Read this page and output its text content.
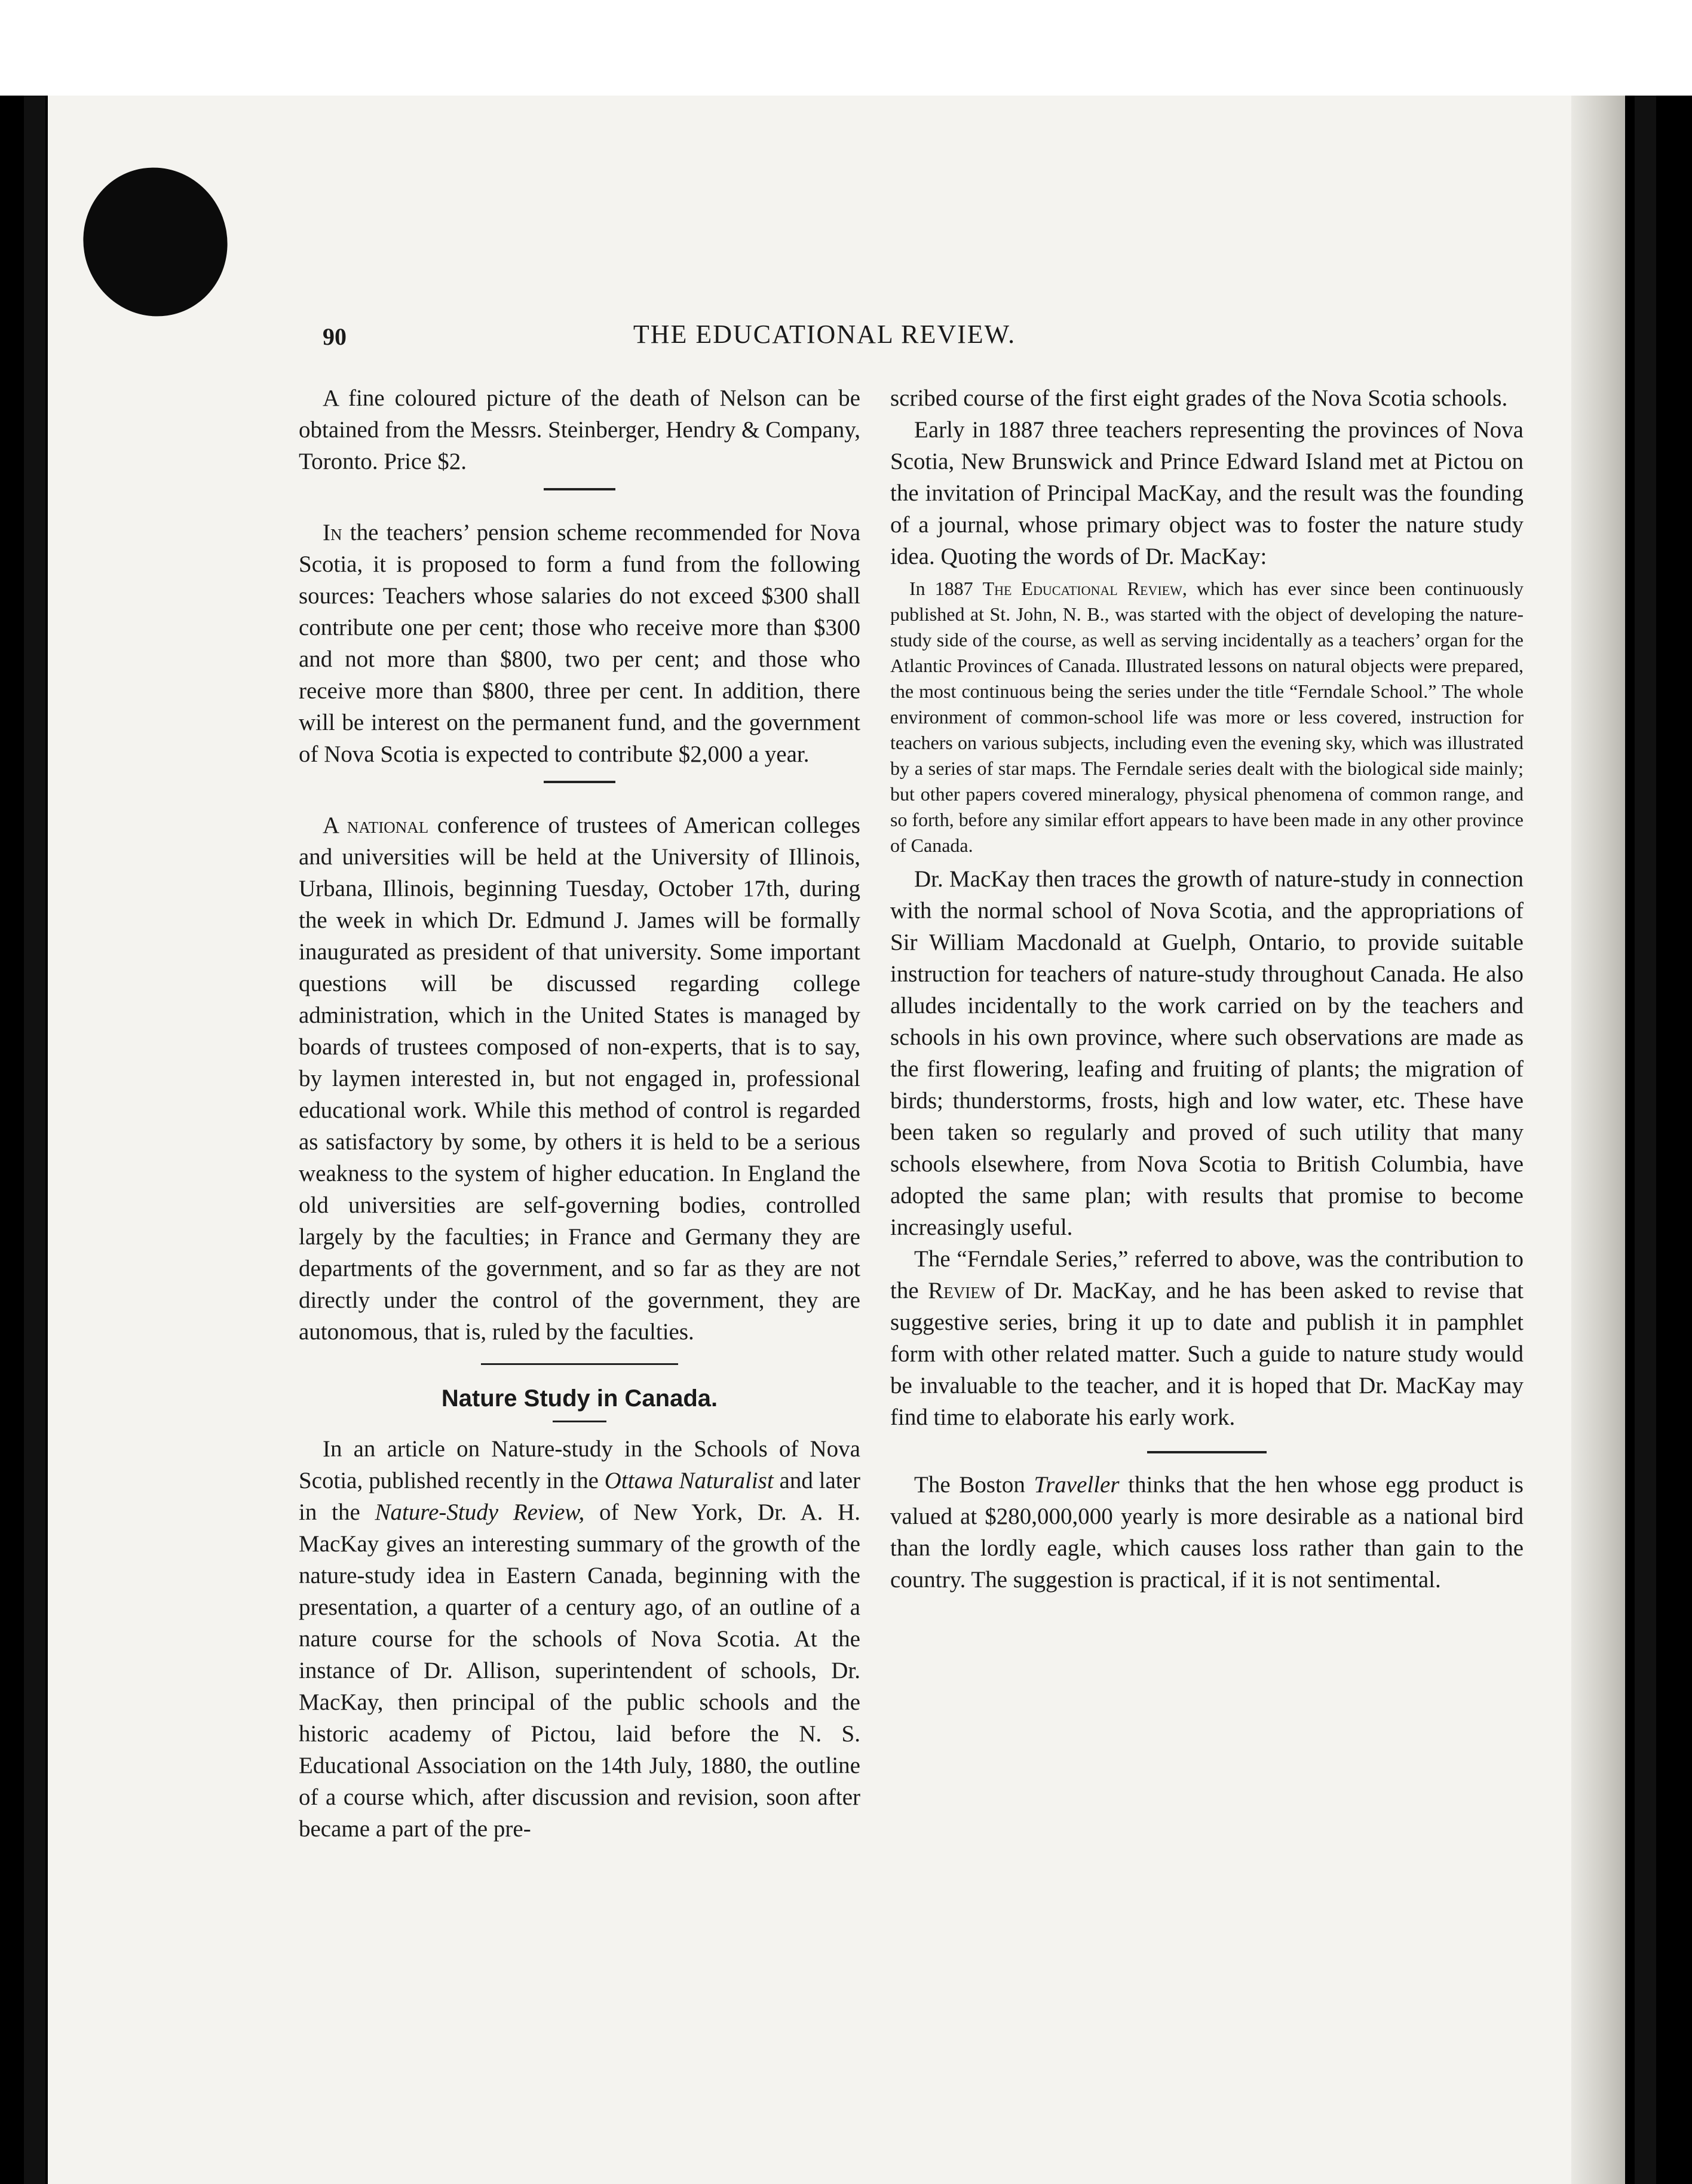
90	THE EDUCATIONAL REVIEW.

A fine coloured picture of the death of Nelson can be obtained from the Messrs. Steinberger, Hendry & Company, Toronto. Price $2.

In the teachers’ pension scheme recommended for Nova Scotia, it is proposed to form a fund from the following sources: Teachers whose salaries do not exceed $300 shall contribute one per cent; those who receive more than $300 and not more than $800, two per cent; and those who receive more than $800, three per cent. In addition, there will be interest on the permanent fund, and the government of Nova Scotia is expected to contribute $2,000 a year.

A national conference of trustees of American colleges and universities will be held at the University of Illinois, Urbana, Illinois, beginning Tuesday, October 17th, during the week in which Dr. Edmund J. James will be formally inaugurated as president of that university. Some important questions will be discussed regarding college administration, which in the United States is managed by boards of trustees composed of non-experts, that is to say, by laymen interested in, but not engaged in, professional educational work. While this method of control is regarded as satisfactory by some, by others it is held to be a serious weakness to the system of higher education. In England the old universities are self-governing bodies, controlled largely by the faculties; in France and Germany they are departments of the government, and so far as they are not directly under the control of the government, they are autonomous, that is, ruled by the faculties.

Nature Study in Canada.

In an article on Nature-study in the Schools of Nova Scotia, published recently in the Ottawa Naturalist and later in the Nature-Study Review, of New York, Dr. A. H. MacKay gives an interesting summary of the growth of the nature-study idea in Eastern Canada, beginning with the presentation, a quarter of a century ago, of an outline of a nature course for the schools of Nova Scotia. At the instance of Dr. Allison, superintendent of schools, Dr. MacKay, then principal of the public schools and the historic academy of Pictou, laid before the N. S. Educational Association on the 14th July, 1880, the outline of a course which, after discussion and revision, soon after became a part of the pre-

scribed course of the first eight grades of the Nova Scotia schools.

Early in 1887 three teachers representing the provinces of Nova Scotia, New Brunswick and Prince Edward Island met at Pictou on the invitation of Principal MacKay, and the result was the founding of a journal, whose primary object was to foster the nature study idea. Quoting the words of Dr. MacKay:

In 1887 The Educational Review, which has ever since been continuously published at St. John, N. B., was started with the object of developing the nature-study side of the course, as well as serving incidentally as a teachers’ organ for the Atlantic Provinces of Canada. Illustrated lessons on natural objects were prepared, the most continuous being the series under the title “Ferndale School.” The whole environment of common-school life was more or less covered, instruction for teachers on various subjects, including even the evening sky, which was illustrated by a series of star maps. The Ferndale series dealt with the biological side mainly; but other papers covered mineralogy, physical phenomena of common range, and so forth, before any similar effort appears to have been made in any other province of Canada.

Dr. MacKay then traces the growth of nature-study in connection with the normal school of Nova Scotia, and the appropriations of Sir William Macdonald at Guelph, Ontario, to provide suitable instruction for teachers of nature-study throughout Canada. He also alludes incidentally to the work carried on by the teachers and schools in his own province, where such observations are made as the first flowering, leafing and fruiting of plants; the migration of birds; thunderstorms, frosts, high and low water, etc. These have been taken so regularly and proved of such utility that many schools elsewhere, from Nova Scotia to British Columbia, have adopted the same plan; with results that promise to become increasingly useful.

The “Ferndale Series,” referred to above, was the contribution to the Review of Dr. MacKay, and he has been asked to revise that suggestive series, bring it up to date and publish it in pamphlet form with other related matter. Such a guide to nature study would be invaluable to the teacher, and it is hoped that Dr. MacKay may find time to elaborate his early work.

The Boston Traveller thinks that the hen whose egg product is valued at $280,000,000 yearly is more desirable as a national bird than the lordly eagle, which causes loss rather than gain to the country. The suggestion is practical, if it is not sentimental.
